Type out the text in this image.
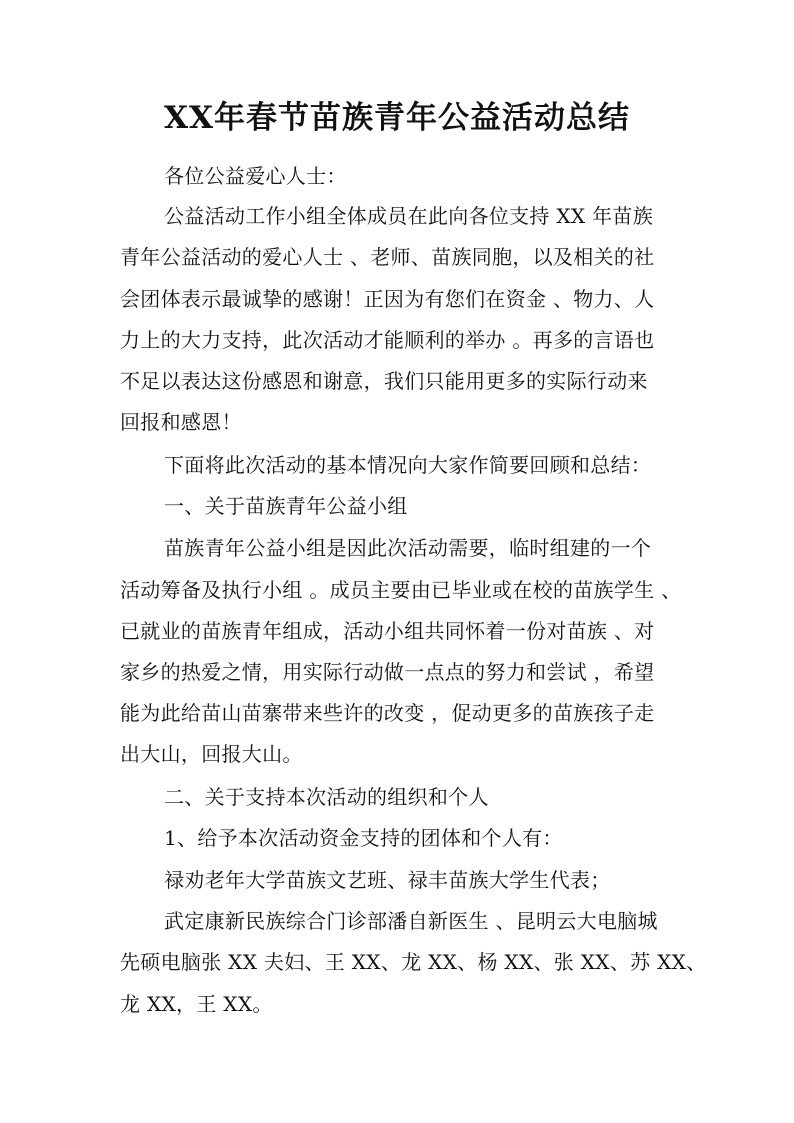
XX年春节苗族青年公益活动总结
各位公益爱心人士：
公益活动工作小组全体成员在此向各位支持 XX 年苗族
青年公益活动的爱心人士 、老师、苗族同胞，以及相关的社
会团体表示最诚挚的感谢！正因为有您们在资金 、物力、人
力上的大力支持，此次活动才能顺利的举办 。再多的言语也
不足以表达这份感恩和谢意，我们只能用更多的实际行动来
回报和感恩！
下面将此次活动的基本情况向大家作简要回顾和总结：
一、关于苗族青年公益小组
苗族青年公益小组是因此次活动需要，临时组建的一个
活动筹备及执行小组 。成员主要由已毕业或在校的苗族学生 、
已就业的苗族青年组成，活动小组共同怀着一份对苗族 、对
家乡的热爱之情，用实际行动做一点点的努力和尝试 ，希望
能为此给苗山苗寨带来些许的改变 ，促动更多的苗族孩子走
出大山，回报大山。
二、关于支持本次活动的组织和个人
1、给予本次活动资金支持的团体和个人有：
禄劝老年大学苗族文艺班、禄丰苗族大学生代表；
武定康新民族综合门诊部潘自新医生 、昆明云大电脑城
先硕电脑张 XX 夫妇、王 XX、龙 XX、杨 XX、张 XX、苏 XX、
龙 XX，王 XX。
